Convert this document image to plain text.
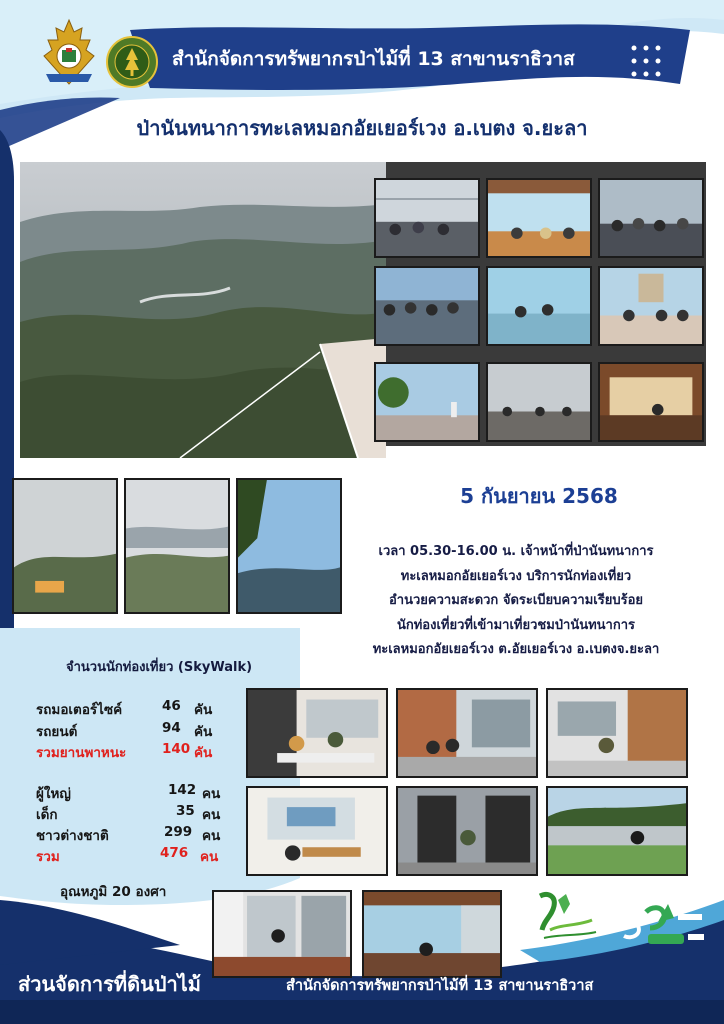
สำนักจัดการทรัพยากรป่าไม้ที่ 13 สาขานราธิวาส
ป่านันทนาการทะเลหมอกอัยเยอร์เวง อ.เบตง จ.ยะลา
5 กันยายน 2568
เวลา 05.30-16.00 น. เจ้าหน้าที่ป่านันทนาการ
ทะเลหมอกอัยเยอร์เวง บริการนักท่องเที่ยว
อำนวยความสะดวก จัดระเบียบความเรียบร้อย
นักท่องเที่ยวที่เข้ามาเที่ยวชมป่านันทนาการ
ทะเลหมอกอัยเยอร์เวง ต.อัยเยอร์เวง อ.เบตงจ.ยะลา
จำนวนนักท่องเที่ยว (SkyWalk)
รถมอเตอร์ไซค์	46 คัน
รถยนต์	94 คัน
รวมยานพาหนะ	140 คัน
ผู้ใหญ่	142 คน
เด็ก	35 คน
ชาวต่างชาติ	299 คน
รวม	476 คน
อุณหภูมิ 20 องศา
ส่วนจัดการที่ดินป่าไม้	สำนักจัดการทรัพยากรป่าไม้ที่ 13 สาขานราธิวาส
